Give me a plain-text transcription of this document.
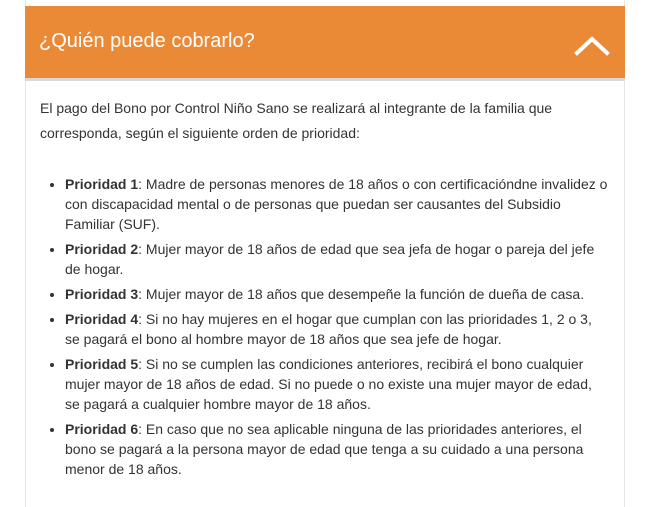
¿Quién puede cobrarlo?

El pago del Bono por Control Niño Sano se realizará al integrante de la familia que corresponda, según el siguiente orden de prioridad:

• Prioridad 1: Madre de personas menores de 18 años o con certificacióndne invalidez o con discapacidad mental o de personas que puedan ser causantes del Subsidio Familiar (SUF).
• Prioridad 2: Mujer mayor de 18 años de edad que sea jefa de hogar o pareja del jefe de hogar.
• Prioridad 3: Mujer mayor de 18 años que desempeñe la función de dueña de casa.
• Prioridad 4: Si no hay mujeres en el hogar que cumplan con las prioridades 1, 2 o 3, se pagará el bono al hombre mayor de 18 años que sea jefe de hogar.
• Prioridad 5: Si no se cumplen las condiciones anteriores, recibirá el bono cualquier mujer mayor de 18 años de edad. Si no puede o no existe una mujer mayor de edad, se pagará a cualquier hombre mayor de 18 años.
• Prioridad 6: En caso que no sea aplicable ninguna de las prioridades anteriores, el bono se pagará a la persona mayor de edad que tenga a su cuidado a una persona menor de 18 años.
